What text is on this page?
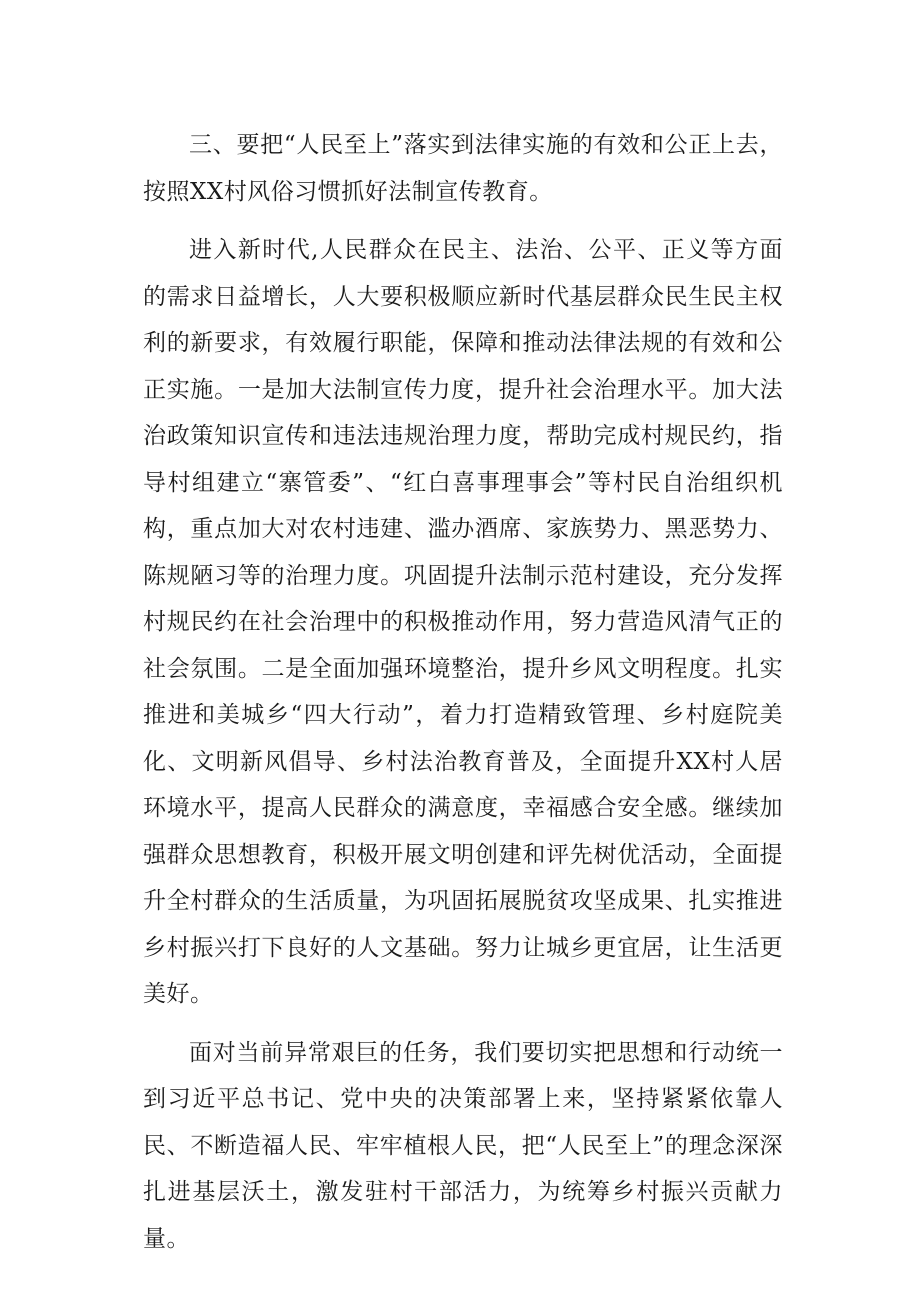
三、要把“人民至上”落实到法律实施的有效和公正上去，按照XX村风俗习惯抓好法制宣传教育。

进入新时代,人民群众在民主、法治、公平、正义等方面的需求日益增长，人大要积极顺应新时代基层群众民生民主权利的新要求，有效履行职能，保障和推动法律法规的有效和公正实施。一是加大法制宣传力度，提升社会治理水平。加大法治政策知识宣传和违法违规治理力度，帮助完成村规民约，指导村组建立“寨管委”、“红白喜事理事会”等村民自治组织机构，重点加大对农村违建、滥办酒席、家族势力、黑恶势力、陈规陋习等的治理力度。巩固提升法制示范村建设，充分发挥村规民约在社会治理中的积极推动作用，努力营造风清气正的社会氛围。二是全面加强环境整治，提升乡风文明程度。扎实推进和美城乡“四大行动”，着力打造精致管理、乡村庭院美化、文明新风倡导、乡村法治教育普及，全面提升XX村人居环境水平，提高人民群众的满意度，幸福感合安全感。继续加强群众思想教育，积极开展文明创建和评先树优活动，全面提升全村群众的生活质量，为巩固拓展脱贫攻坚成果、扎实推进乡村振兴打下良好的人文基础。努力让城乡更宜居，让生活更美好。

面对当前异常艰巨的任务，我们要切实把思想和行动统一到习近平总书记、党中央的决策部署上来，坚持紧紧依靠人民、不断造福人民、牢牢植根人民，把“人民至上”的理念深深扎进基层沃土，激发驻村干部活力，为统筹乡村振兴贡献力量。
